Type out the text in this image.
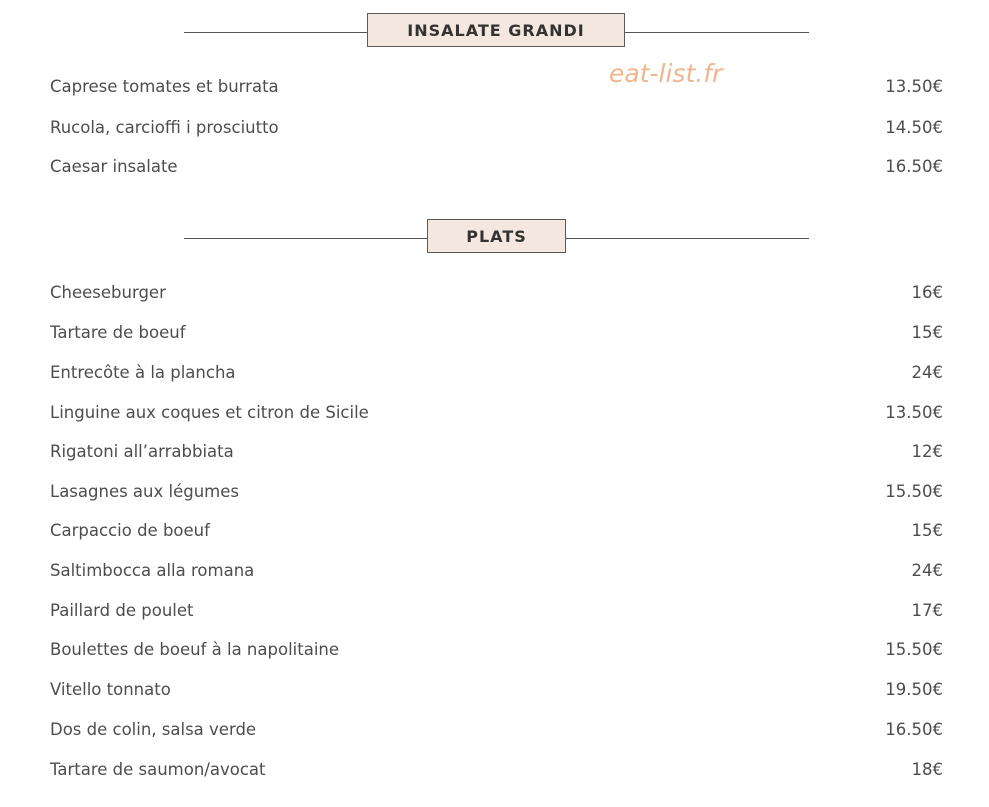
INSALATE GRANDI
Caprese tomates et burrata	13.50€
Rucola, carcioffi i prosciutto	14.50€
Caesar insalate	16.50€
PLATS
Cheeseburger	16€
Tartare de boeuf	15€
Entrecôte à la plancha	24€
Linguine aux coques et citron de Sicile	13.50€
Rigatoni all’arrabbiata	12€
Lasagnes aux légumes	15.50€
Carpaccio de boeuf	15€
Saltimbocca alla romana	24€
Paillard de poulet	17€
Boulettes de boeuf à la napolitaine	15.50€
Vitello tonnato	19.50€
Dos de colin, salsa verde	16.50€
Tartare de saumon/avocat	18€
eat-list.fr
